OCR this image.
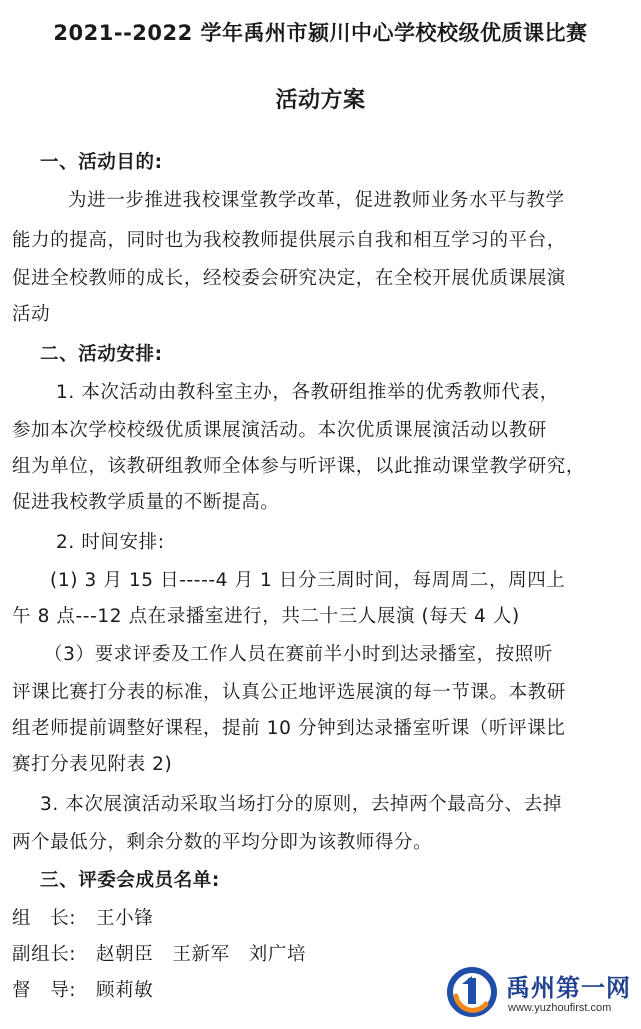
2021--2022 学年禹州市颍川中心学校校级优质课比赛
活动方案
一、活动目的:
为进一步推进我校课堂教学改革，促进教师业务水平与教学
能力的提高，同时也为我校教师提供展示自我和相互学习的平台，
促进全校教师的成长，经校委会研究决定，在全校开展优质课展演
活动
二、活动安排:
1. 本次活动由教科室主办，各教研组推举的优秀教师代表，
参加本次学校校级优质课展演活动。本次优质课展演活动以教研
组为单位，该教研组教师全体参与听评课，以此推动课堂教学研究，
促进我校教学质量的不断提高。
2. 时间安排:
(1) 3 月 15 日-----4 月 1 日分三周时间，每周周二，周四上
午 8 点---12 点在录播室进行，共二十三人展演 (每天 4 人)
（3）要求评委及工作人员在赛前半小时到达录播室，按照听
评课比赛打分表的标准，认真公正地评选展演的每一节课。本教研
组老师提前调整好课程，提前 10 分钟到达录播室听课（听评课比
赛打分表见附表 2)
3. 本次展演活动采取当场打分的原则，去掉两个最高分、去掉
两个最低分，剩余分数的平均分即为该教师得分。
三、评委会成员名单:
组　长: 王小锋
副组长: 赵朝臣　王新军　刘广培
督　导: 顾莉敏	禹州第一网
www.yuzhoufirst.com
